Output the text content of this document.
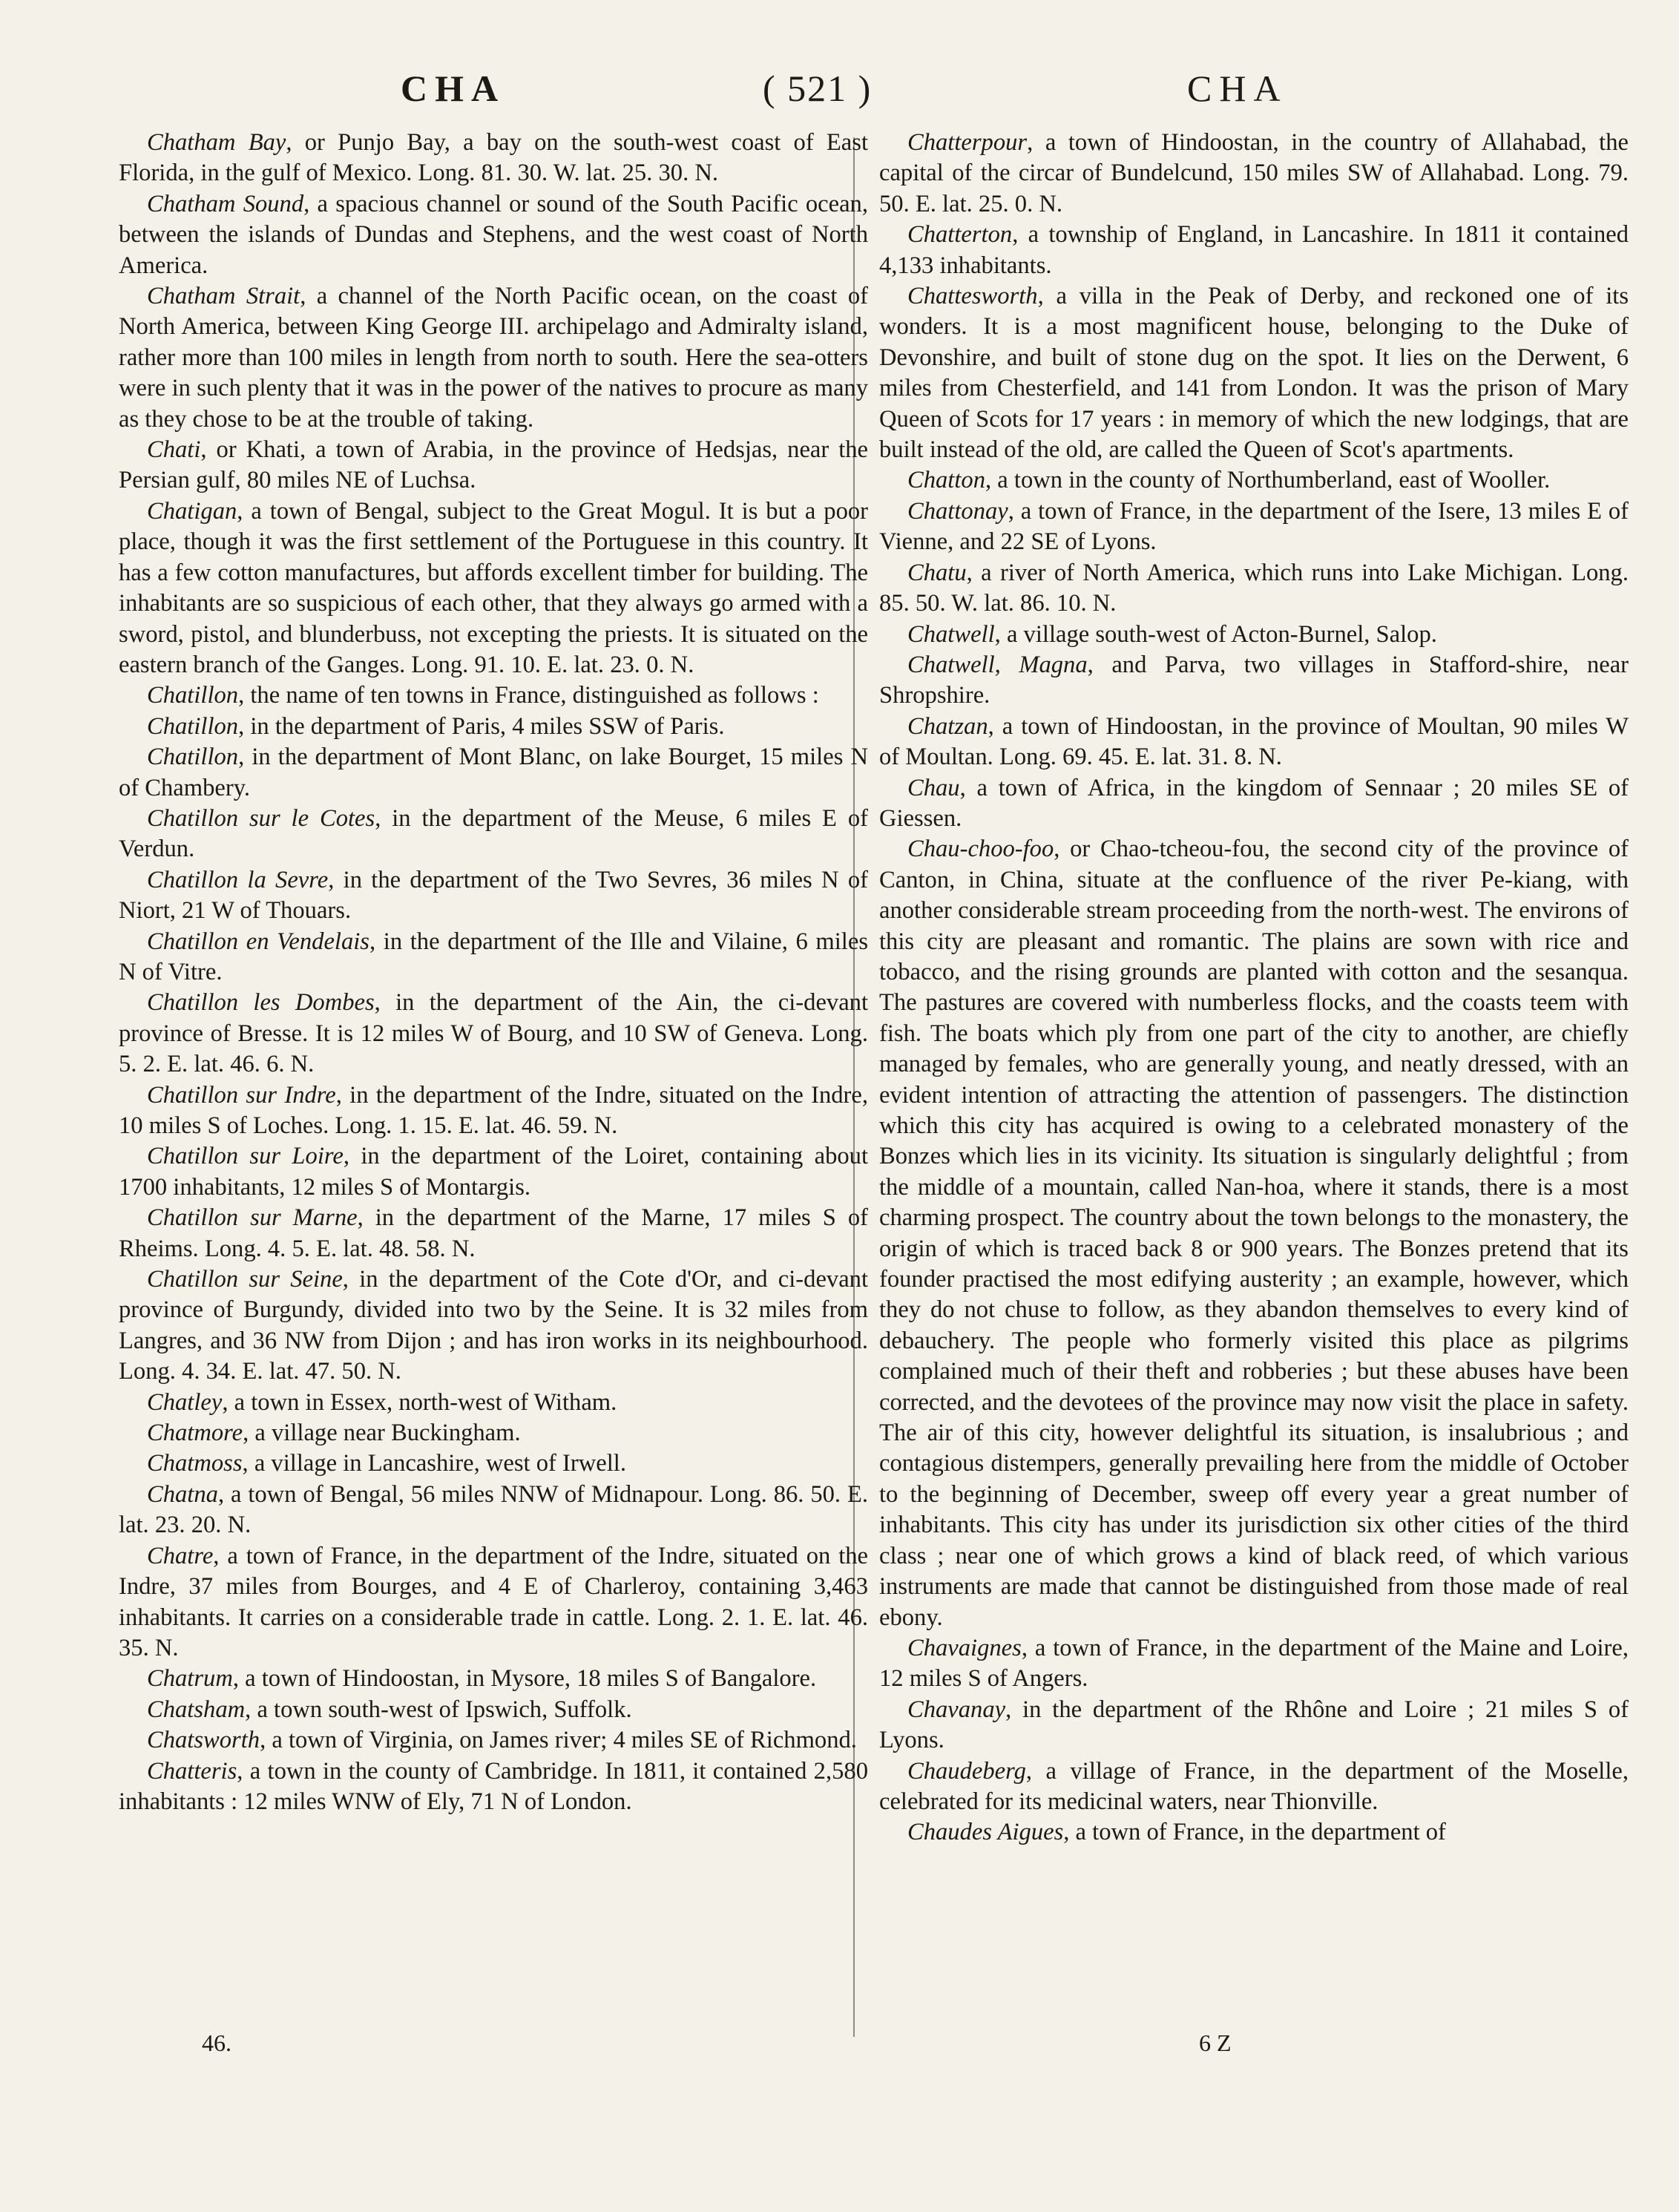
CHA	( 521 )	CHA

Chatham Bay, or Punjo Bay, a bay on the south-west coast of East Florida, in the gulf of Mexico. Long. 81. 30. W. lat. 25. 30. N.

Chatham Sound, a spacious channel or sound of the South Pacific ocean, between the islands of Dundas and Stephens, and the west coast of North America.

Chatham Strait, a channel of the North Pacific ocean, on the coast of North America, between King George III. archipelago and Admiralty island, rather more than 100 miles in length from north to south. Here the sea-otters were in such plenty that it was in the power of the natives to procure as many as they chose to be at the trouble of taking.

Chati, or Khati, a town of Arabia, in the province of Hedsjas, near the Persian gulf, 80 miles NE of Luchsa.

Chatigan, a town of Bengal, subject to the Great Mogul. It is but a poor place, though it was the first settlement of the Portuguese in this country. It has a few cotton manufactures, but affords excellent timber for building. The inhabitants are so suspicious of each other, that they always go armed with a sword, pistol, and blunderbuss, not excepting the priests. It is situated on the eastern branch of the Ganges. Long. 91. 10. E. lat. 23. 0. N.

Chatillon, the name of ten towns in France, distinguished as follows :

Chatillon, in the department of Paris, 4 miles SSW of Paris.

Chatillon, in the department of Mont Blanc, on lake Bourget, 15 miles N of Chambery.

Chatillon sur le Cotes, in the department of the Meuse, 6 miles E of Verdun.

Chatillon la Sevre, in the department of the Two Sevres, 36 miles N of Niort, 21 W of Thouars.

Chatillon en Vendelais, in the department of the Ille and Vilaine, 6 miles N of Vitre.

Chatillon les Dombes, in the department of the Ain, the ci-devant province of Bresse. It is 12 miles W of Bourg, and 10 SW of Geneva. Long. 5. 2. E. lat. 46. 6. N.

Chatillon sur Indre, in the department of the Indre, situated on the Indre, 10 miles S of Loches. Long. 1. 15. E. lat. 46. 59. N.

Chatillon sur Loire, in the department of the Loiret, containing about 1700 inhabitants, 12 miles S of Montargis.

Chatillon sur Marne, in the department of the Marne, 17 miles S of Rheims. Long. 4. 5. E. lat. 48. 58. N.

Chatillon sur Seine, in the department of the Cote d'Or, and ci-devant province of Burgundy, divided into two by the Seine. It is 32 miles from Langres, and 36 NW from Dijon ; and has iron works in its neighbourhood. Long. 4. 34. E. lat. 47. 50. N.

Chatley, a town in Essex, north-west of Witham.

Chatmore, a village near Buckingham.

Chatmoss, a village in Lancashire, west of Irwell.

Chatna, a town of Bengal, 56 miles NNW of Midnapour. Long. 86. 50. E. lat. 23. 20. N.

Chatre, a town of France, in the department of the Indre, situated on the Indre, 37 miles from Bourges, and 4 E of Charleroy, containing 3,463 inhabitants. It carries on a considerable trade in cattle. Long. 2. 1. E. lat. 46. 35. N.

Chatrum, a town of Hindoostan, in Mysore, 18 miles S of Bangalore.

Chatsham, a town south-west of Ipswich, Suffolk.

Chatsworth, a town of Virginia, on James river; 4 miles SE of Richmond.

Chatteris, a town in the county of Cambridge. In 1811, it contained 2,580 inhabitants : 12 miles WNW of Ely, 71 N of London.

Chatterpour, a town of Hindoostan, in the country of Allahabad, the capital of the circar of Bundelcund, 150 miles SW of Allahabad. Long. 79. 50. E. lat. 25. 0. N.

Chatterton, a township of England, in Lancashire. In 1811 it contained 4,133 inhabitants.

Chattesworth, a villa in the Peak of Derby, and reckoned one of its wonders. It is a most magnificent house, belonging to the Duke of Devonshire, and built of stone dug on the spot. It lies on the Derwent, 6 miles from Chesterfield, and 141 from London. It was the prison of Mary Queen of Scots for 17 years : in memory of which the new lodgings, that are built instead of the old, are called the Queen of Scot's apartments.

Chatton, a town in the county of Northumberland, east of Wooller.

Chattonay, a town of France, in the department of the Isere, 13 miles E of Vienne, and 22 SE of Lyons.

Chatu, a river of North America, which runs into Lake Michigan. Long. 85. 50. W. lat. 86. 10. N.

Chatwell, a village south-west of Acton-Burnel, Salop.

Chatwell, Magna, and Parva, two villages in Stafford-shire, near Shropshire.

Chatzan, a town of Hindoostan, in the province of Moultan, 90 miles W of Moultan. Long. 69. 45. E. lat. 31. 8. N.

Chau, a town of Africa, in the kingdom of Sennaar ; 20 miles SE of Giessen.

Chau-choo-foo, or Chao-tcheou-fou, the second city of the province of Canton, in China, situate at the confluence of the river Pe-kiang, with another considerable stream proceeding from the north-west. The environs of this city are pleasant and romantic. The plains are sown with rice and tobacco, and the rising grounds are planted with cotton and the sesanqua. The pastures are covered with numberless flocks, and the coasts teem with fish. The boats which ply from one part of the city to another, are chiefly managed by females, who are generally young, and neatly dressed, with an evident intention of attracting the attention of passengers. The distinction which this city has acquired is owing to a celebrated monastery of the Bonzes which lies in its vicinity. Its situation is singularly delightful ; from the middle of a mountain, called Nan-hoa, where it stands, there is a most charming prospect. The country about the town belongs to the monastery, the origin of which is traced back 8 or 900 years. The Bonzes pretend that its founder practised the most edifying austerity ; an example, however, which they do not chuse to follow, as they abandon themselves to every kind of debauchery. The people who formerly visited this place as pilgrims complained much of their theft and robberies ; but these abuses have been corrected, and the devotees of the province may now visit the place in safety. The air of this city, however delightful its situation, is insalubrious ; and contagious distempers, generally prevailing here from the middle of October to the beginning of December, sweep off every year a great number of inhabitants. This city has under its jurisdiction six other cities of the third class ; near one of which grows a kind of black reed, of which various instruments are made that cannot be distinguished from those made of real ebony.

Chavaignes, a town of France, in the department of the Maine and Loire, 12 miles S of Angers.

Chavanay, in the department of the Rhône and Loire ; 21 miles S of Lyons.

Chaudeberg, a village of France, in the department of the Moselle, celebrated for its medicinal waters, near Thionville.

Chaudes Aigues, a town of France, in the department of

46.	6 Z
